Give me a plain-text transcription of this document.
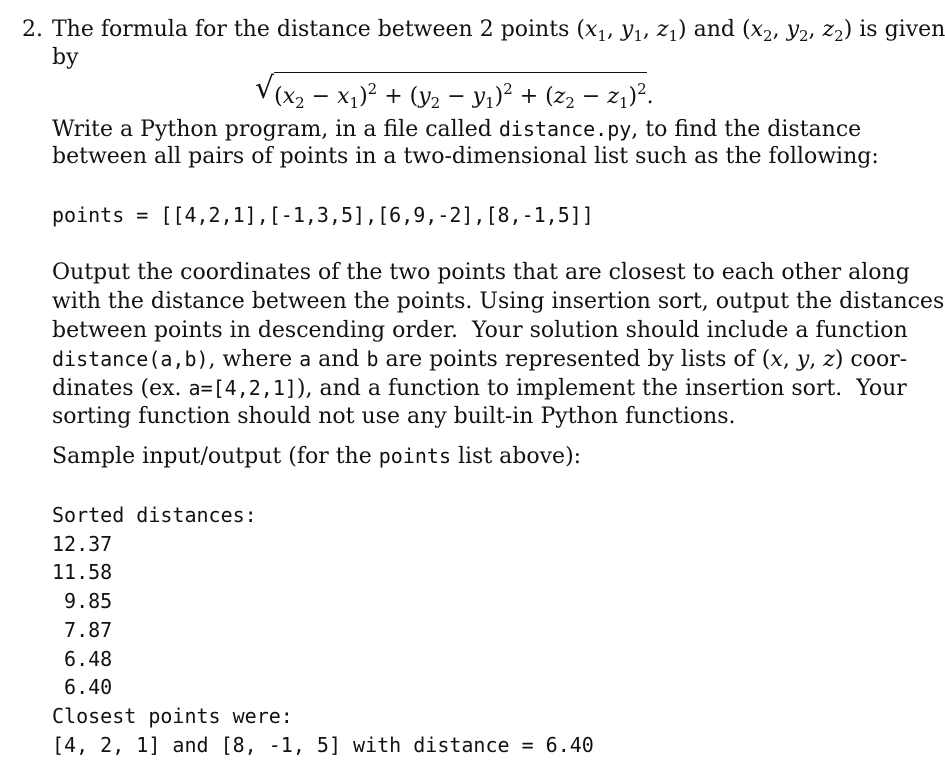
2. The formula for the distance between 2 points ($x_1$, $y_1$, $z_1$) and ($x_2$, $y_2$, $z_2$) is given
by
$√(x_2 - x_1)^2 + (y_2 - y_1)^2 + (z_2 - z_1)^2$.
Write a Python program, in a file called distance.py, to find the distance
between all pairs of points in a two-dimensional list such as the following:
points = [[4,2,1],[-1,3,5],[6,9,-2],[8,-1,5]]
Output the coordinates of the two points that are closest to each other along
with the distance between the points. Using insertion sort, output the distances
between points in descending order.  Your solution should include a function
distance(a,b), where a and b are points represented by lists of (x, y, z) coor-
dinates (ex. a=[4,2,1]), and a function to implement the insertion sort.  Your
sorting function should not use any built-in Python functions.
Sample input/output (for the points list above):
Sorted distances:
12.37
11.58
9.85
7.87
6.48
6.40
Closest points were:
[4, 2, 1] and [8, -1, 5] with distance = 6.40
